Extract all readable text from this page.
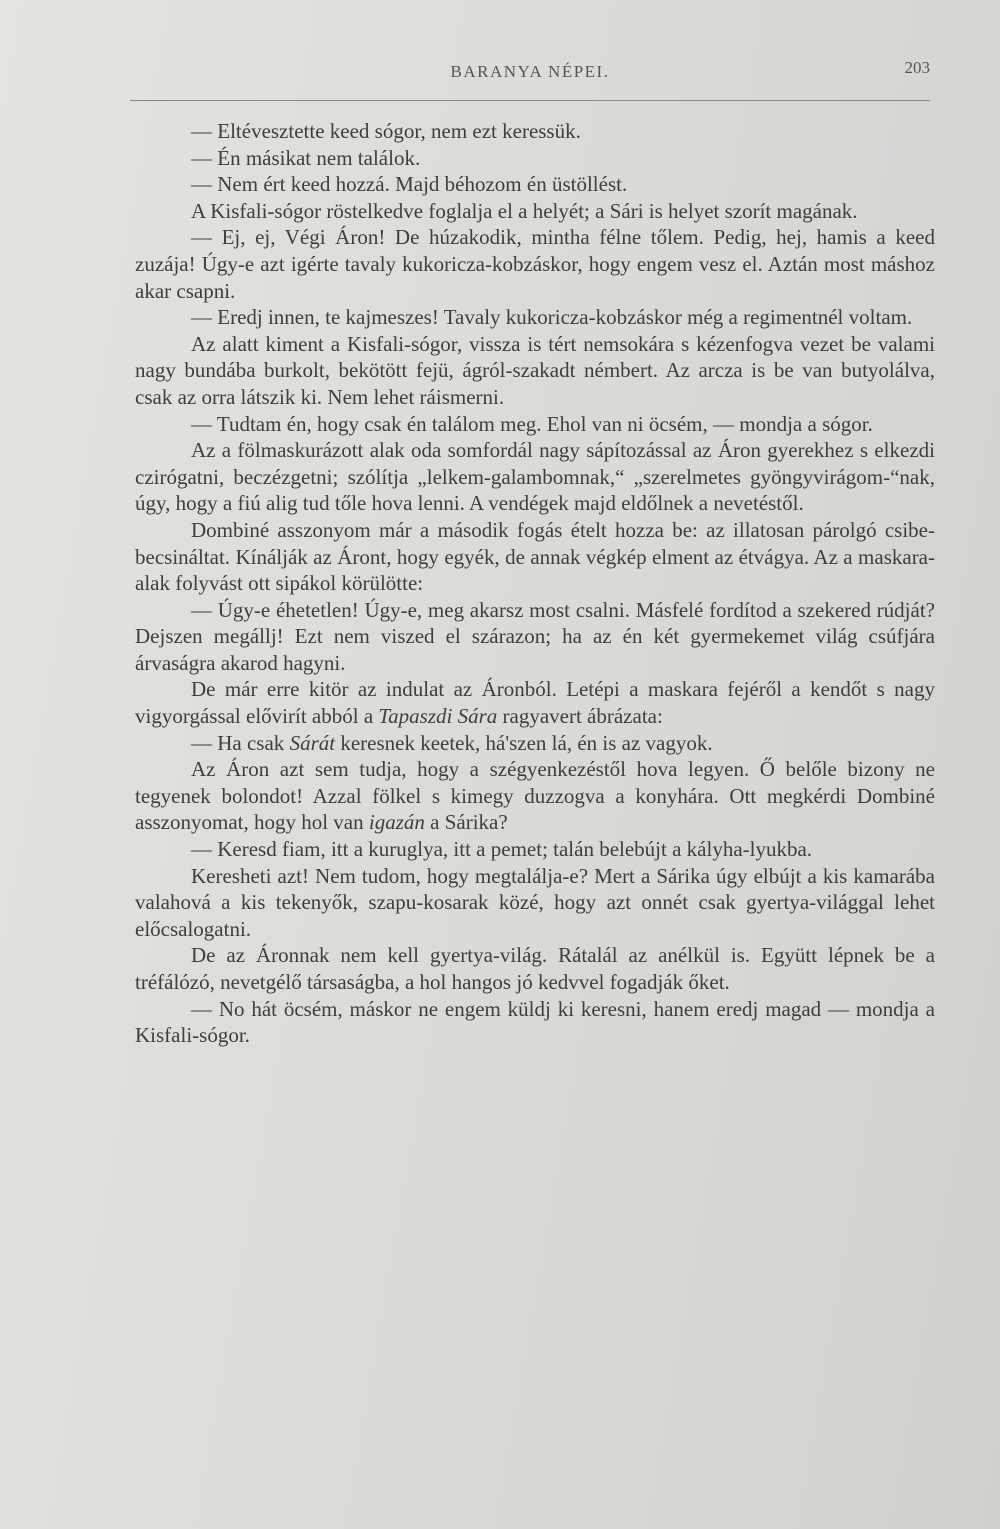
BARANYA NÉPEI.	203

— Eltévesztette keed sógor, nem ezt keressük.

— Én másikat nem találok.

— Nem ért keed hozzá. Majd béhozom én üstöllést.

A Kisfali-sógor röstelkedve foglalja el a helyét; a Sári is helyet szorít magának.

— Ej, ej, Végi Áron! De húzakodik, mintha félne tőlem. Pedig, hej, hamis a keed zuzája! Úgy-e azt igérte tavaly kukoricza-kobzáskor, hogy engem vesz el. Aztán most máshoz akar csapni.

— Eredj innen, te kajmeszes! Tavaly kukoricza-kobzáskor még a regimentnél voltam.

Az alatt kiment a Kisfali-sógor, vissza is tért nemsokára s kézenfogva vezet be valami nagy bundába burkolt, bekötött fejü, ágról-szakadt némbert. Az arcza is be van butyolálva, csak az orra látszik ki. Nem lehet ráismerni.

— Tudtam én, hogy csak én találom meg. Ehol van ni öcsém, — mondja a sógor.

Az a fölmaskurázott alak oda somfordál nagy sápítozással az Áron gyerekhez s elkezdi czirógatni, beczézgetni; szólítja „lelkem-galambomnak,“ „szerelmetes gyöngyvirágom-“nak, úgy, hogy a fiú alig tud tőle hova lenni. A vendégek majd eldőlnek a nevetéstől.

Dombiné asszonyom már a második fogás ételt hozza be: az illatosan párolgó csibe-becsináltat. Kínálják az Áront, hogy egyék, de annak végkép elment az étvágya. Az a maskara-alak folyvást ott sipákol körülötte:

— Úgy-e éhetetlen! Úgy-e, meg akarsz most csalni. Másfelé fordítod a szekered rúdját? Dejszen megállj! Ezt nem viszed el szárazon; ha az én két gyermekemet világ csúfjára árvaságra akarod hagyni.

De már erre kitör az indulat az Áronból. Letépi a maskara fejéről a kendőt s nagy vigyorgással elővirít abból a Tapaszdi Sára ragyavert ábrázata:

— Ha csak Sárát keresnek keetek, há'szen lá, én is az vagyok.

Az Áron azt sem tudja, hogy a szégyenkezéstől hova legyen. Ő belőle bizony ne tegyenek bolondot! Azzal fölkel s kimegy duzzogva a konyhára. Ott megkérdi Dombiné asszonyomat, hogy hol van igazán a Sárika?

— Keresd fiam, itt a kuruglya, itt a pemet; talán belebújt a kályha-lyukba.

Keresheti azt! Nem tudom, hogy megtalálja-e? Mert a Sárika úgy elbújt a kis kamarába valahová a kis tekenyők, szapu-kosarak közé, hogy azt onnét csak gyertya-világgal lehet előcsalogatni.

De az Áronnak nem kell gyertya-világ. Rátalál az anélkül is. Együtt lépnek be a tréfálózó, nevetgélő társaságba, a hol hangos jó kedvvel fogadják őket.

— No hát öcsém, máskor ne engem küldj ki keresni, hanem eredj magad — mondja a Kisfali-sógor.
